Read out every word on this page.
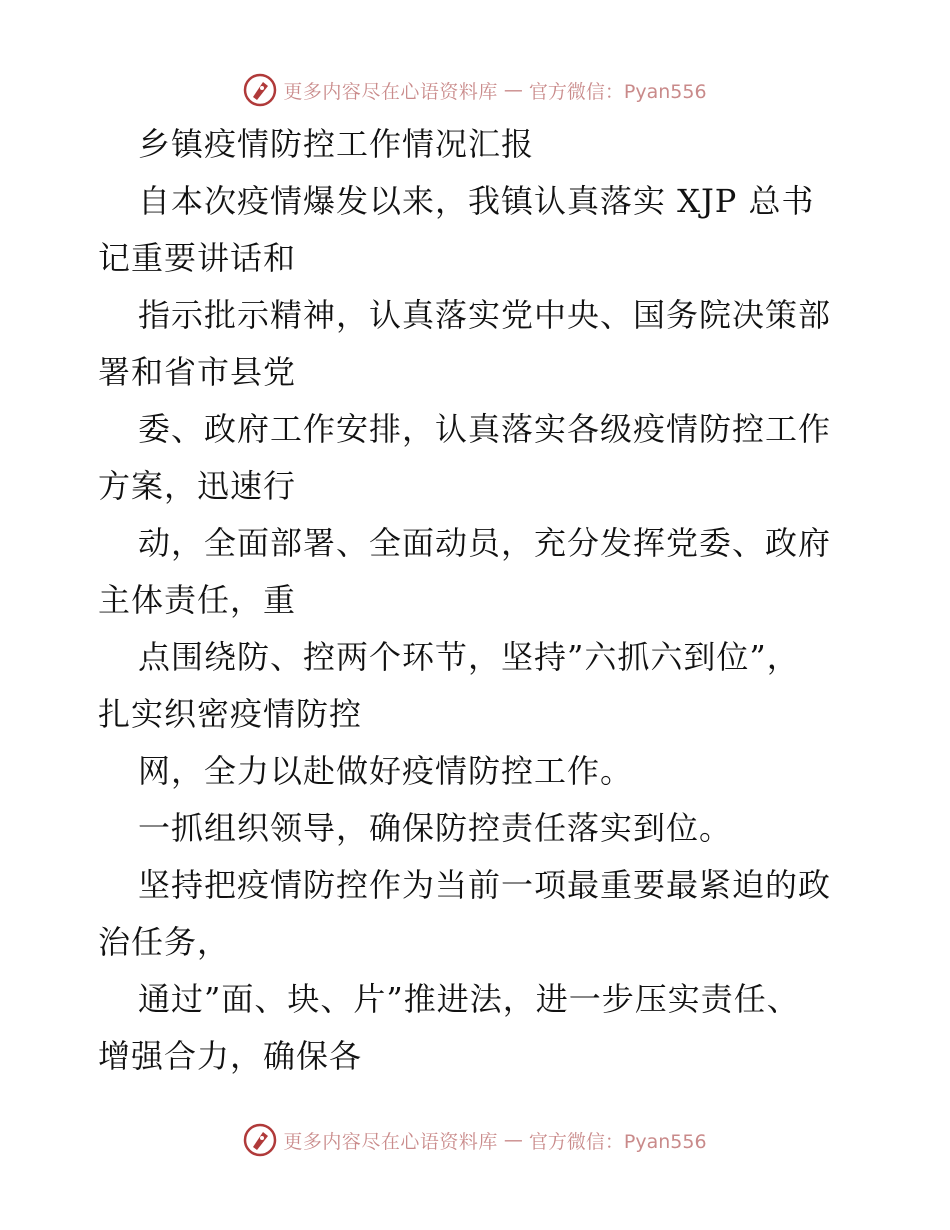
更多内容尽在心语资料库 — 官方微信：Pyan556
乡镇疫情防控工作情况汇报
自本次疫情爆发以来，我镇认真落实 XJP 总书
记重要讲话和
指示批示精神，认真落实党中央、国务院决策部
署和省市县党
委、政府工作安排，认真落实各级疫情防控工作
方案，迅速行
动，全面部署、全面动员，充分发挥党委、政府
主体责任，重
点围绕防、控两个环节，坚持”六抓六到位”，
扎实织密疫情防控
网，全力以赴做好疫情防控工作。
一抓组织领导，确保防控责任落实到位。
坚持把疫情防控作为当前一项最重要最紧迫的政
治任务，
通过”面、块、片”推进法，进一步压实责任、
增强合力，确保各
更多内容尽在心语资料库 — 官方微信：Pyan556
